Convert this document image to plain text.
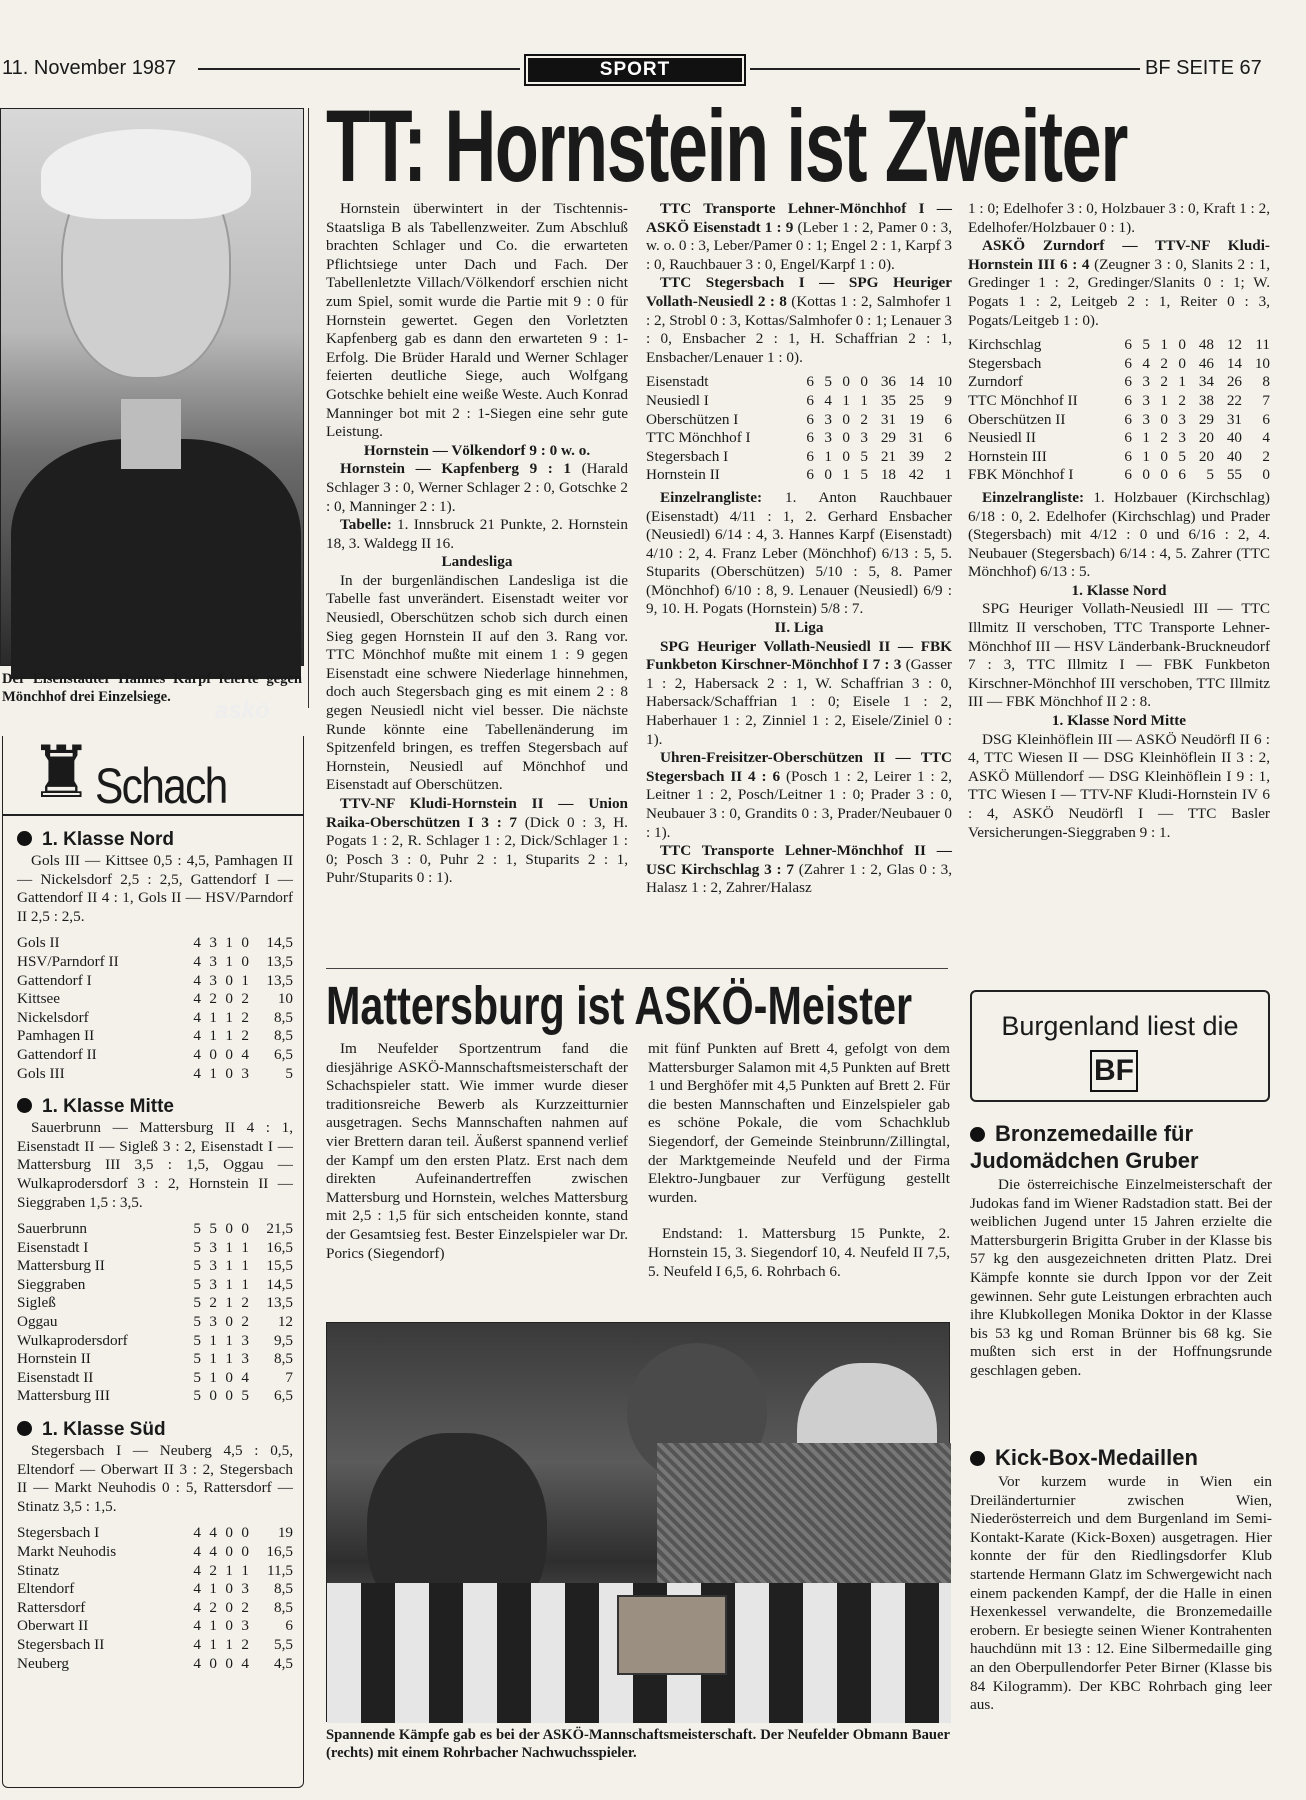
11. November 1987	SPORT	BF SEITE 67
askö
Der Eisenstädter Hannes Karpf feierte gegen Mönchhof drei Einzelsiege.
TT: Hornstein ist Zweiter

Hornstein überwintert in der Tischtennis-Staatsliga B als Tabellenzweiter. Zum Abschluß brachten Schlager und Co. die erwarteten Pflichtsiege unter Dach und Fach. Der Tabellenletzte Villach/Völkendorf erschien nicht zum Spiel, somit wurde die Partie mit 9 : 0 für Hornstein gewertet. Gegen den Vorletzten Kapfenberg gab es dann den erwarteten 9 : 1-Erfolg. Die Brüder Harald und Werner Schlager feierten deutliche Siege, auch Wolfgang Gotschke behielt eine weiße Weste. Auch Konrad Manninger bot mit 2 : 1-Siegen eine sehr gute Leistung.

Hornstein — Völkendorf 9 : 0 w. o.

Hornstein — Kapfenberg 9 : 1 (Harald Schlager 3 : 0, Werner Schlager 2 : 0, Gotschke 2 : 0, Manninger 2 : 1).

Tabelle: 1. Innsbruck 21 Punkte, 2. Hornstein 18, 3. Waldegg II 16.

Landesliga

In der burgenländischen Landesliga ist die Tabelle fast unverändert. Eisenstadt weiter vor Neusiedl, Oberschützen schob sich durch einen Sieg gegen Hornstein II auf den 3. Rang vor. TTC Mönchhof mußte mit einem 1 : 9 gegen Eisenstadt eine schwere Niederlage hinnehmen, doch auch Stegersbach ging es mit einem 2 : 8 gegen Neusiedl nicht viel besser. Die nächste Runde könnte eine Tabellenänderung im Spitzenfeld bringen, es treffen Stegersbach auf Hornstein, Neusiedl auf Mönchhof und Eisenstadt auf Oberschützen.

TTV-NF Kludi-Hornstein II — Union Raika-Oberschützen I 3 : 7 (Dick 0 : 3, H. Pogats 1 : 2, R. Schlager 1 : 2, Dick/Schlager 1 : 0; Posch 3 : 0, Puhr 2 : 1, Stuparits 2 : 1, Puhr/Stuparits 0 : 1).

TTC Transporte Lehner-Mönchhof I — ASKÖ Eisenstadt 1 : 9 (Leber 1 : 2, Pamer 0 : 3, w. o. 0 : 3, Leber/Pamer 0 : 1; Engel 2 : 1, Karpf 3 : 0, Rauchbauer 3 : 0, Engel/Karpf 1 : 0).

TTC Stegersbach I — SPG Heuriger Vollath-Neusiedl 2 : 8 (Kottas 1 : 2, Salmhofer 1 : 2, Strobl 0 : 3, Kottas/Salmhofer 0 : 1; Lenauer 3 : 0, Ensbacher 2 : 1, H. Schaffrian 2 : 1, Ensbacher/Lenauer 1 : 0).

Eisenstadt	6	5	0	0	36	14	10
Neusiedl I	6	4	1	1	35	25	9
Oberschützen I	6	3	0	2	31	19	6
TTC Mönchhof I	6	3	0	3	29	31	6
Stegersbach I	6	1	0	5	21	39	2
Hornstein II	6	0	1	5	18	42	1

Einzelrangliste: 1. Anton Rauchbauer (Eisenstadt) 4/11 : 1, 2. Gerhard Ensbacher (Neusiedl) 6/14 : 4, 3. Hannes Karpf (Eisenstadt) 4/10 : 2, 4. Franz Leber (Mönchhof) 6/13 : 5, 5. Stuparits (Oberschützen) 5/10 : 5, 8. Pamer (Mönchhof) 6/10 : 8, 9. Lenauer (Neusiedl) 6/9 : 9, 10. H. Pogats (Hornstein) 5/8 : 7.

II. Liga

SPG Heuriger Vollath-Neusiedl II — FBK Funkbeton Kirschner-Mönchhof I 7 : 3 (Gasser 1 : 2, Habersack 2 : 1, W. Schaffrian 3 : 0, Habersack/Schaffrian 1 : 0; Eisele 1 : 2, Haberhauer 1 : 2, Zinniel 1 : 2, Eisele/Ziniel 0 : 1).

Uhren-Freisitzer-Oberschützen II — TTC Stegersbach II 4 : 6 (Posch 1 : 2, Leirer 1 : 2, Leitner 1 : 2, Posch/Leitner 1 : 0; Prader 3 : 0, Neubauer 3 : 0, Grandits 0 : 3, Prader/Neubauer 0 : 1).

TTC Transporte Lehner-Mönchhof II — USC Kirchschlag 3 : 7 (Zahrer 1 : 2, Glas 0 : 3, Halasz 1 : 2, Zahrer/Halasz

1 : 0; Edelhofer 3 : 0, Holzbauer 3 : 0, Kraft 1 : 2, Edelhofer/Holzbauer 0 : 1).

ASKÖ Zurndorf — TTV-NF Kludi-Hornstein III 6 : 4 (Zeugner 3 : 0, Slanits 2 : 1, Gredinger 1 : 2, Gredinger/Slanits 0 : 1; W. Pogats 1 : 2, Leitgeb 2 : 1, Reiter 0 : 3, Pogats/Leitgeb 1 : 0).

Kirchschlag	6	5	1	0	48	12	11
Stegersbach	6	4	2	0	46	14	10
Zurndorf	6	3	2	1	34	26	8
TTC Mönchhof II	6	3	1	2	38	22	7
Oberschützen II	6	3	0	3	29	31	6
Neusiedl II	6	1	2	3	20	40	4
Hornstein III	6	1	0	5	20	40	2
FBK Mönchhof I	6	0	0	6	5	55	0

Einzelrangliste: 1. Holzbauer (Kirchschlag) 6/18 : 0, 2. Edelhofer (Kirchschlag) und Prader (Stegersbach) mit 4/12 : 0 und 6/16 : 2, 4. Neubauer (Stegersbach) 6/14 : 4, 5. Zahrer (TTC Mönchhof) 6/13 : 5.

1. Klasse Nord

SPG Heuriger Vollath-Neusiedl III — TTC Illmitz II verschoben, TTC Transporte Lehner-Mönchhof III — HSV Länderbank-Bruckneudorf 7 : 3, TTC Illmitz I — FBK Funkbeton Kirschner-Mönchhof III verschoben, TTC Illmitz III — FBK Mönchhof II 2 : 8.

1. Klasse Nord Mitte

DSG Kleinhöflein III — ASKÖ Neudörfl II 6 : 4, TTC Wiesen II — DSG Kleinhöflein II 3 : 2, ASKÖ Müllendorf — DSG Kleinhöflein I 9 : 1, TTC Wiesen I — TTV-NF Kludi-Hornstein IV 6 : 4, ASKÖ Neudörfl I — TTC Basler Versicherungen-Sieggraben 9 : 1.

♜ Schach
1. Klasse Nord
Gols III — Kittsee 0,5 : 4,5, Pamhagen II — Nickelsdorf 2,5 : 2,5, Gattendorf I — Gattendorf II 4 : 1, Gols II — HSV/Parndorf II 2,5 : 2,5.
Gols II	4	3	1	0	14,5
HSV/Parndorf II	4	3	1	0	13,5
Gattendorf I	4	3	0	1	13,5
Kittsee	4	2	0	2	10
Nickelsdorf	4	1	1	2	8,5
Pamhagen II	4	1	1	2	8,5
Gattendorf II	4	0	0	4	6,5
Gols III	4	1	0	3	5
1. Klasse Mitte
Sauerbrunn — Mattersburg II 4 : 1, Eisenstadt II — Sigleß 3 : 2, Eisenstadt I — Mattersburg III 3,5 : 1,5, Oggau — Wulkaprodersdorf 3 : 2, Hornstein II — Sieggraben 1,5 : 3,5.
Sauerbrunn	5	5	0	0	21,5
Eisenstadt I	5	3	1	1	16,5
Mattersburg II	5	3	1	1	15,5
Sieggraben	5	3	1	1	14,5
Sigleß	5	2	1	2	13,5
Oggau	5	3	0	2	12
Wulkaprodersdorf	5	1	1	3	9,5
Hornstein II	5	1	1	3	8,5
Eisenstadt II	5	1	0	4	7
Mattersburg III	5	0	0	5	6,5
1. Klasse Süd
Stegersbach I — Neuberg 4,5 : 0,5, Eltendorf — Oberwart II 3 : 2, Stegersbach II — Markt Neuhodis 0 : 5, Rattersdorf — Stinatz 3,5 : 1,5.
Stegersbach I	4	4	0	0	19
Markt Neuhodis	4	4	0	0	16,5
Stinatz	4	2	1	1	11,5
Eltendorf	4	1	0	3	8,5
Rattersdorf	4	2	0	2	8,5
Oberwart II	4	1	0	3	6
Stegersbach II	4	1	1	2	5,5
Neuberg	4	0	0	4	4,5
Mattersburg ist ASKÖ-Meister
Im Neufelder Sportzentrum fand die diesjährige ASKÖ-Mannschaftsmeisterschaft der Schachspieler statt. Wie immer wurde dieser traditionsreiche Bewerb als Kurzzeitturnier ausgetragen. Sechs Mannschaften nahmen auf vier Brettern daran teil. Äußerst spannend verlief der Kampf um den ersten Platz. Erst nach dem direkten Aufeinandertreffen zwischen Mattersburg und Hornstein, welches Mattersburg mit 2,5 : 1,5 für sich entscheiden konnte, stand der Gesamtsieg fest. Bester Einzelspieler war Dr. Porics (Siegendorf)
mit fünf Punkten auf Brett 4, gefolgt von dem Mattersburger Salamon mit 4,5 Punkten auf Brett 1 und Berghöfer mit 4,5 Punkten auf Brett 2. Für die besten Mannschaften und Einzelspieler gab es schöne Pokale, die vom Schachklub Siegendorf, der Gemeinde Steinbrunn/Zillingtal, der Marktgemeinde Neufeld und der Firma Elektro-Jungbauer zur Verfügung gestellt wurden.
Endstand: 1. Mattersburg 15 Punkte, 2. Hornstein 15, 3. Siegendorf 10, 4. Neufeld II 7,5, 5. Neufeld I 6,5, 6. Rohrbach 6.
Spannende Kämpfe gab es bei der ASKÖ-Mannschaftsmeisterschaft. Der Neufelder Obmann Bauer (rechts) mit einem Rohrbacher Nachwuchsspieler.
Burgenland liest die
BF
Bronzemedaille für Judomädchen Gruber
Die österreichische Einzelmeisterschaft der Judokas fand im Wiener Radstadion statt. Bei der weiblichen Jugend unter 15 Jahren erzielte die Mattersburgerin Brigitta Gruber in der Klasse bis 57 kg den ausgezeichneten dritten Platz. Drei Kämpfe konnte sie durch Ippon vor der Zeit gewinnen. Sehr gute Leistungen erbrachten auch ihre Klubkollegen Monika Doktor in der Klasse bis 53 kg und Roman Brünner bis 68 kg. Sie mußten sich erst in der Hoffnungsrunde geschlagen geben.
Kick-Box-Medaillen
Vor kurzem wurde in Wien ein Dreiländerturnier zwischen Wien, Niederösterreich und dem Burgenland im Semi-Kontakt-Karate (Kick-Boxen) ausgetragen. Hier konnte der für den Riedlingsdorfer Klub startende Hermann Glatz im Schwergewicht nach einem packenden Kampf, der die Halle in einen Hexenkessel verwandelte, die Bronzemedaille erobern. Er besiegte seinen Wiener Kontrahenten hauchdünn mit 13 : 12. Eine Silbermedaille ging an den Oberpullendorfer Peter Birner (Klasse bis 84 Kilogramm). Der KBC Rohrbach ging leer aus.
